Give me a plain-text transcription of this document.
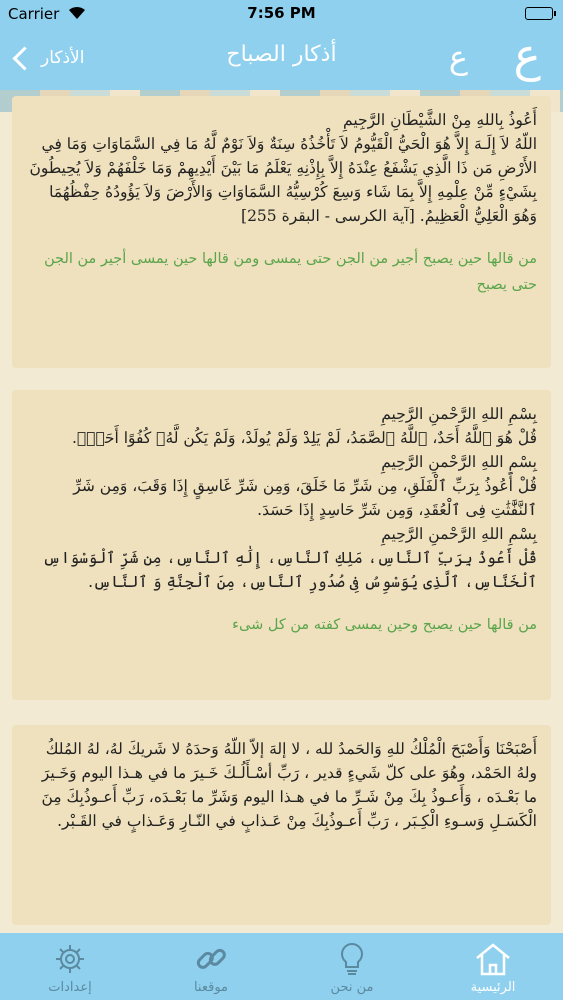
Carrier	7:56 PM
الأذكار	أذكار الصباح	ع ع
أَعُوذُ بِاللهِ مِنْ الشَّيْطَانِ الرَّجِيمِ
اللّهُ لاَ إِلَـهَ إِلاَّ هُوَ الْحَيُّ الْقَيُّومُ لاَ تَأْخُذُهُ سِنَةٌ وَلاَ نَوْمٌ لَّهُ مَا فِي السَّمَاوَاتِ وَمَا فِي الأَرْضِ مَن ذَا الَّذِي يَشْفَعُ عِنْدَهُ إِلاَّ بِإِذْنِهِ يَعْلَمُ مَا بَيْنَ أَيْدِيهِمْ وَمَا خَلْفَهُمْ وَلاَ يُحِيطُونَ بِشَيْءٍ مِّنْ عِلْمِهِ إِلاَّ بِمَا شَاء وَسِعَ كُرْسِيُّهُ السَّمَاوَاتِ وَالأَرْضَ وَلاَ يَؤُودُهُ حِفْظُهُمَا وَهُوَ الْعَلِيُّ الْعَظِيمُ. [آية الكرسى - البقرة 255]
من قالها حين يصبح أجير من الجن حتى يمسى ومن قالها حين يمسى أجير من الجن حتى يصبح
بِسْمِ اللهِ الرَّحْمنِ الرَّحِيمِ
قُلْ هُوَ ٱللَّهُ أَحَدٌ، ٱللَّهُ ٱلصَّمَدُ، لَمْ يَلِدْ وَلَمْ يُولَدْ، وَلَمْ يَكُن لَّهُۥ كُفُوًا أَحَدٌۢ.
بِسْمِ اللهِ الرَّحْمنِ الرَّحِيمِ
قُلْ أَعُوذُ بِرَبِّ ٱلْفَلَقِ، مِن شَرِّ مَا خَلَقَ، وَمِن شَرِّ غَاسِقٍ إِذَا وَقَبَ، وَمِن شَرِّ ٱلنَّفَّٰثَٰتِ فِى ٱلْعُقَدِ، وَمِن شَرِّ حَاسِدٍ إِذَا حَسَدَ.
بِسْمِ اللهِ الرَّحْمنِ الرَّحِيمِ
قُلْ أَعُوذُ بِرَبِّ ٱلنَّاسِ، مَلِكِ ٱلنَّاسِ، إِلَٰهِ ٱلنَّاسِ، مِن شَرِّ ٱلْوَسْوَاسِ ٱلْخَنَّاسِ، ٱلَّذِى يُوَسْوِسُ فِى صُدُورِ ٱلنَّاسِ، مِنَ ٱلْجِنَّةِ وَ ٱلنَّاسِ.
من قالها حين يصبح وحين يمسى كفته من كل شىء
أَصْبَحْنَا وَأَصْبَحَ الْمُلْكُ للهِ وَالحَمدُ لله ، لا إلهَ إلاّ اللّهُ وَحدَهُ لا شَريكَ لهُ، لهُ المُلكُ ولهُ الحَمْد، وهُوَ على كلّ شَيءٍ قدير ، رَبِّ أسْـأَلُـكَ خَـيرَ ما في هـذا اليوم وَخَـيرَ ما بَعْـدَه ، وَأَعـوذُ بِكَ مِنْ شَـرِّ ما في هـذا اليوم وَشَرِّ ما بَعْـدَه، رَبِّ أَعـوذُبِكَ مِنَ الْكَسَـلِ وَسـوءِ الْكِـبَر ، رَبِّ أَعـوذُبِكَ مِنْ عَـذابٍ في النّـارِ وَعَـذابٍ في القَـبْر.
إعدادات	موقعنا	من نحن	الرئيسية
